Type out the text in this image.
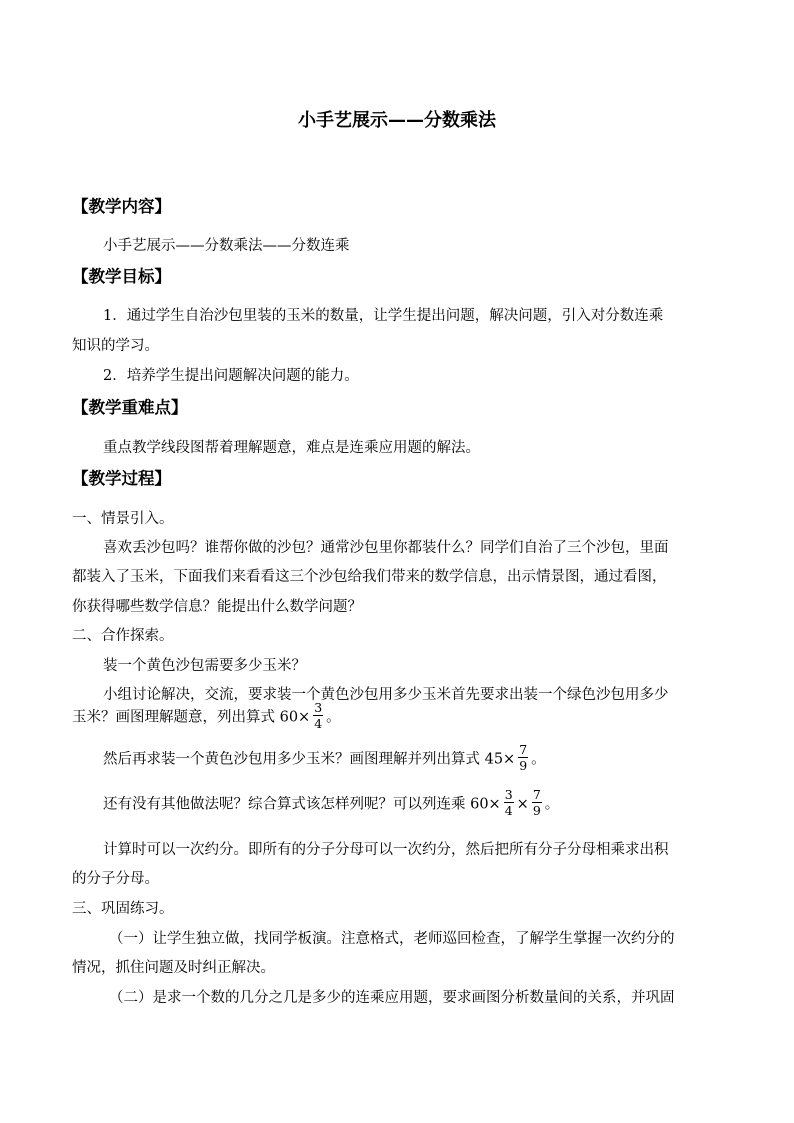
小手艺展示——分数乘法
【教学内容】
小手艺展示——分数乘法——分数连乘
【教学目标】
1．通过学生自治沙包里装的玉米的数量，让学生提出问题，解决问题，引入对分数连乘
知识的学习。
2．培养学生提出问题解决问题的能力。
【教学重难点】
重点教学线段图帮着理解题意，难点是连乘应用题的解法。
【教学过程】
一、情景引入。
喜欢丢沙包吗？谁帮你做的沙包？通常沙包里你都装什么？同学们自治了三个沙包，里面
都装入了玉米，下面我们来看看这三个沙包给我们带来的数学信息，出示情景图，通过看图，
你获得哪些数学信息？能提出什么数学问题？
二、合作探索。
装一个黄色沙包需要多少玉米？
小组讨论解决，交流，要求装一个黄色沙包用多少玉米首先要求出装一个绿色沙包用多少
玉米？画图理解题意，列出算式 $60\times \frac{3}{4}$ 。
然后再求装一个黄色沙包用多少玉米？画图理解并列出算式 $45\times \frac{7}{9}$ 。
还有没有其他做法呢？综合算式该怎样列呢？可以列连乘 $60\times \frac{3}{4} \times \frac{7}{9}$ 。
计算时可以一次约分。即所有的分子分母可以一次约分，然后把所有分子分母相乘求出积
的分子分母。
三、巩固练习。
（一）让学生独立做，找同学板演。注意格式，老师巡回检查，了解学生掌握一次约分的
情况，抓住问题及时纠正解决。
（二）是求一个数的几分之几是多少的连乘应用题，要求画图分析数量间的关系，并巩固
